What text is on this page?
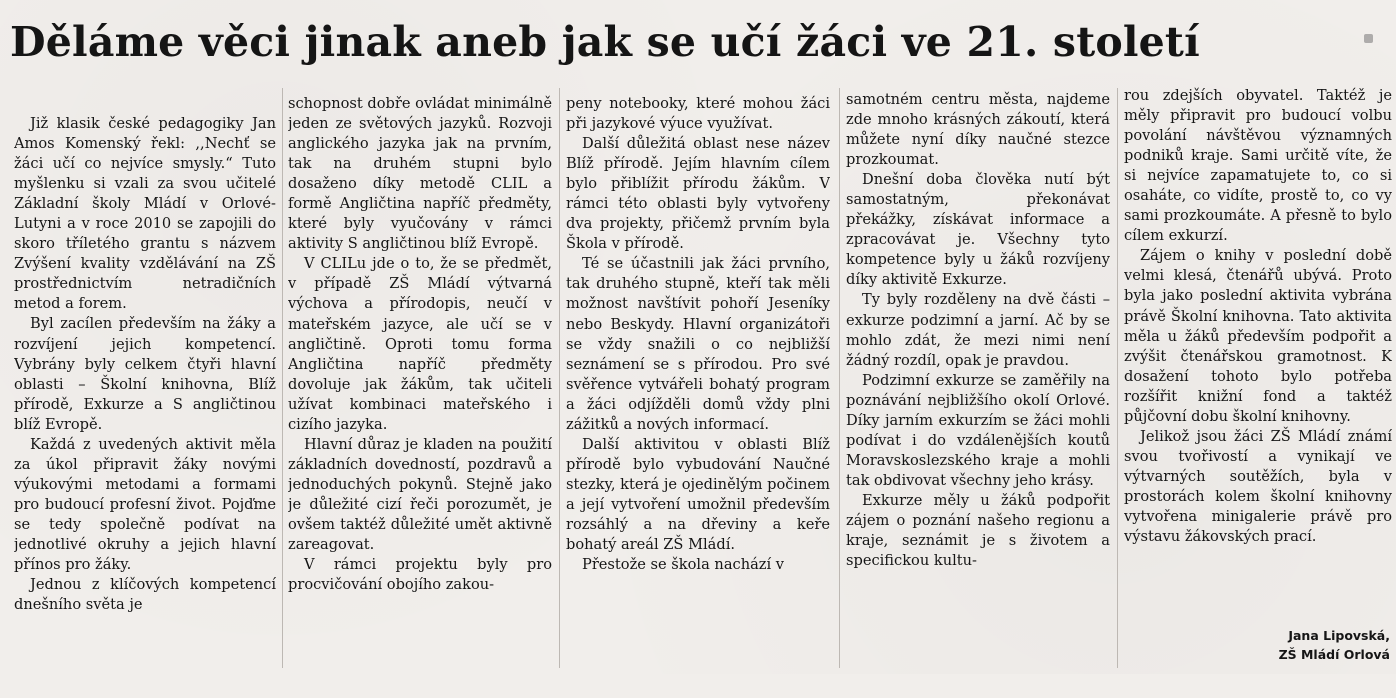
Děláme věci jinak aneb jak se učí žáci ve 21. století

Již klasik české pedagogiky Jan Amos Komenský řekl: ,,Nechť se žáci učí co nejvíce smysly.“ Tuto myšlenku si vzali za svou učitelé Základní školy Mládí v Orlové-Lutyni a v roce 2010 se zapojili do skoro tříletého grantu s názvem Zvýšení kvality vzdělávání na ZŠ prostřednictvím netradičních metod a forem.

Byl zacílen především na žáky a rozvíjení jejich kompetencí. Vybrány byly celkem čtyři hlavní oblasti – Školní knihovna, Blíž přírodě, Exkurze a S angličtinou blíž Evropě.

Každá z uvedených aktivit měla za úkol připravit žáky novými výukovými metodami a formami pro budoucí profesní život. Pojďme se tedy společně podívat na jednotlivé okruhy a jejich hlavní přínos pro žáky.

Jednou z klíčových kompetencí dnešního světa je

schopnost dobře ovládat minimálně jeden ze světových jazyků. Rozvoji anglického jazyka jak na prvním, tak na druhém stupni bylo dosaženo díky metodě CLIL a formě Angličtina napříč předměty, které byly vyučovány v rámci aktivity S angličtinou blíž Evropě.

V CLILu jde o to, že se předmět, v případě ZŠ Mládí výtvarná výchova a přírodopis, neučí v mateřském jazyce, ale učí se v angličtině. Oproti tomu forma Angličtina napříč předměty dovoluje jak žákům, tak učiteli užívat kombinaci mateřského i cizího jazyka.

Hlavní důraz je kladen na použití základních dovedností, pozdravů a jednoduchých pokynů. Stejně jako je důležité cizí řeči porozumět, je ovšem taktéž důležité umět aktivně zareagovat.

V rámci projektu byly pro procvičování obojího zakou-

peny notebooky, které mohou žáci při jazykové výuce využívat.

Další důležitá oblast nese název Blíž přírodě. Jejím hlavním cílem bylo přiblížit přírodu žákům. V rámci této oblasti byly vytvořeny dva projekty, přičemž prvním byla Škola v přírodě.

Té se účastnili jak žáci prvního, tak druhého stupně, kteří tak měli možnost navštívit pohoří Jeseníky nebo Beskydy. Hlavní organizátoři se vždy snažili o co nejbližší seznámení se s přírodou. Pro své svěřence vytvářeli bohatý program a žáci odjížděli domů vždy plni zážitků a nových informací.

Další aktivitou v oblasti Blíž přírodě bylo vybudování Naučné stezky, která je ojedinělým počinem a její vytvoření umožnil především rozsáhlý a na dřeviny a keře bohatý areál ZŠ Mládí.

Přestože se škola nachází v

samotném centru města, najdeme zde mnoho krásných zákoutí, která můžete nyní díky naučné stezce prozkoumat.

Dnešní doba člověka nutí být samostatným, překonávat překážky, získávat informace a zpracovávat je. Všechny tyto kompetence byly u žáků rozvíjeny díky aktivitě Exkurze.

Ty byly rozděleny na dvě části – exkurze podzimní a jarní. Ač by se mohlo zdát, že mezi nimi není žádný rozdíl, opak je pravdou.

Podzimní exkurze se zaměřily na poznávání nejbližšího okolí Orlové. Díky jarním exkurzím se žáci mohli podívat i do vzdálenějších koutů Moravskoslezského kraje a mohli tak obdivovat všechny jeho krásy.

Exkurze měly u žáků podpořit zájem o poznání našeho regionu a kraje, seznámit je s životem a specifickou kultu-

rou zdejších obyvatel. Taktéž je měly připravit pro budoucí volbu povolání návštěvou významných podniků kraje. Sami určitě víte, že si nejvíce zapamatujete to, co si osaháte, co vidíte, prostě to, co vy sami prozkoumáte. A přesně to bylo cílem exkurzí.

Zájem o knihy v poslední době velmi klesá, čtenářů ubývá. Proto byla jako poslední aktivita vybrána právě Školní knihovna. Tato aktivita měla u žáků především podpořit a zvýšit čtenářskou gramotnost. K dosažení tohoto bylo potřeba rozšířit knižní fond a taktéž půjčovní dobu školní knihovny.

Jelikož jsou žáci ZŠ Mládí známí svou tvořivostí a vynikají ve výtvarných soutěžích, byla v prostorách kolem školní knihovny vytvořena minigalerie právě pro výstavu žákovských prací.

Jana Lipovská,
ZŠ Mládí Orlová
